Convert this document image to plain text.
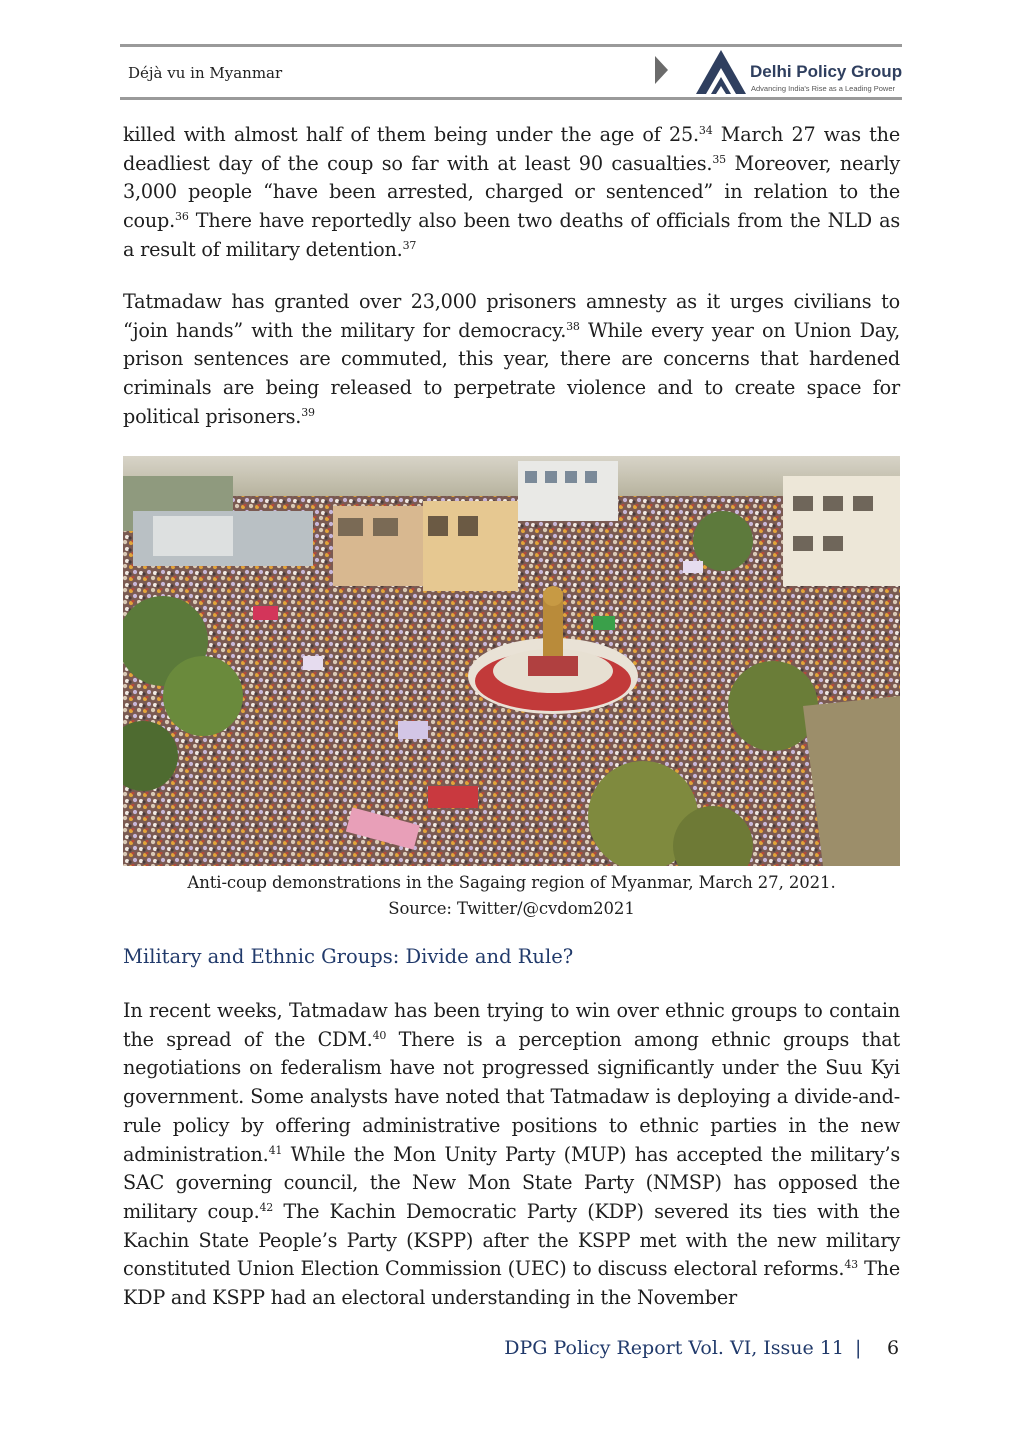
Déjà vu in Myanmar	Delhi Policy Group
Advancing India's Rise as a Leading Power

killed with almost half of them being under the age of 25.34 March 27 was the deadliest day of the coup so far with at least 90 casualties.$^{35}$ Moreover, nearly 3,000 people “have been arrested, charged or sentenced” in relation to the coup.$^{36}$ There have reportedly also been two deaths of officials from the NLD as a result of military detention.$^{37}$

Tatmadaw has granted over 23,000 prisoners amnesty as it urges civilians to “join hands” with the military for democracy.$^{38}$ While every year on Union Day, prison sentences are commuted, this year, there are concerns that hardened criminals are being released to perpetrate violence and to create space for political prisoners.$^{39}$

Anti-coup demonstrations in the Sagaing region of Myanmar, March 27, 2021.
Source: Twitter/@cvdom2021
Military and Ethnic Groups: Divide and Rule?

In recent weeks, Tatmadaw has been trying to win over ethnic groups to contain the spread of the CDM.$^{40}$ There is a perception among ethnic groups that negotiations on federalism have not progressed significantly under the Suu Kyi government. Some analysts have noted that Tatmadaw is deploying a divide-and-rule policy by offering administrative positions to ethnic parties in the new administration.$^{41}$ While the Mon Unity Party (MUP) has accepted the military’s SAC governing council, the New Mon State Party (NMSP) has opposed the military coup.$^{42}$ The Kachin Democratic Party (KDP) severed its ties with the Kachin State People’s Party (KSPP) after the KSPP met with the new military constituted Union Election Commission (UEC) to discuss electoral reforms.$^{43}$ The KDP and KSPP had an electoral understanding in the November

DPG Policy Report Vol. VI, Issue 11 | 6
